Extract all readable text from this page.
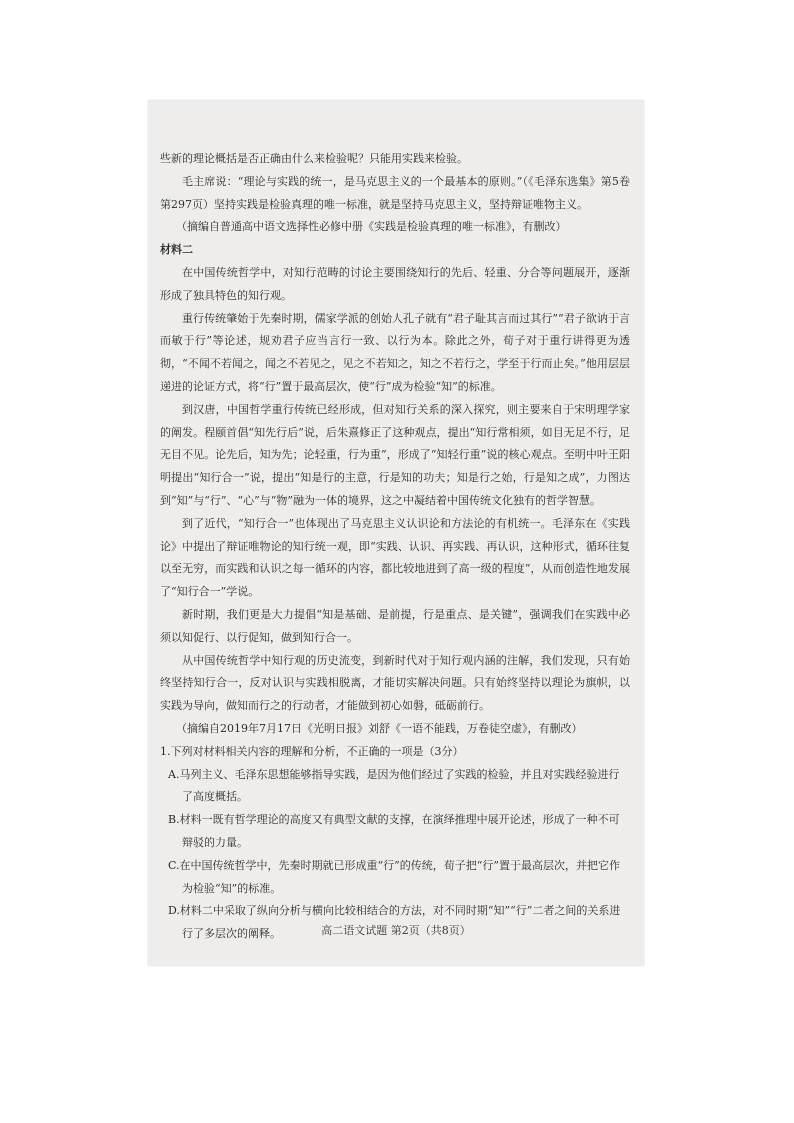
些新的理论概括是否正确由什么来检验呢？只能用实践来检验。

毛主席说：“理论与实践的统一，是马克思主义的一个最基本的原则。”（《毛泽东选集》第5卷第297页）坚持实践是检验真理的唯一标准，就是坚持马克思主义，坚持辩证唯物主义。

（摘编自普通高中语文选择性必修中册《实践是检验真理的唯一标准》，有删改）

材料二

在中国传统哲学中，对知行范畴的讨论主要围绕知行的先后、轻重、分合等问题展开，逐渐形成了独具特色的知行观。

重行传统肇始于先秦时期，儒家学派的创始人孔子就有“君子耻其言而过其行”“君子欲讷于言而敏于行”等论述，规劝君子应当言行一致、以行为本。除此之外，荀子对于重行讲得更为透彻，“不闻不若闻之，闻之不若见之，见之不若知之，知之不若行之，学至于行而止矣。”他用层层递进的论证方式，将“行”置于最高层次，使“行”成为检验“知”的标准。

到汉唐，中国哲学重行传统已经形成，但对知行关系的深入探究，则主要来自于宋明理学家的阐发。程颐首倡“知先行后”说，后朱熹修正了这种观点，提出“知行常相须，如目无足不行，足无目不见。论先后，知为先；论轻重，行为重”，形成了“知轻行重”说的核心观点。至明中叶王阳明提出“知行合一”说，提出“知是行的主意，行是知的功夫；知是行之始，行是知之成”，力图达到“知”与“行”、“心”与“物”融为一体的境界，这之中凝结着中国传统文化独有的哲学智慧。

到了近代，“知行合一”也体现出了马克思主义认识论和方法论的有机统一。毛泽东在《实践论》中提出了辩证唯物论的知行统一观，即“实践、认识、再实践、再认识，这种形式，循环往复以至无穷，而实践和认识之每一循环的内容，都比较地进到了高一级的程度”，从而创造性地发展了“知行合一”学说。

新时期，我们更是大力提倡“知是基础、是前提，行是重点、是关键”，强调我们在实践中必须以知促行、以行促知，做到知行合一。

从中国传统哲学中知行观的历史流变，到新时代对于知行观内涵的注解，我们发现，只有始终坚持知行合一，反对认识与实践相脱离，才能切实解决问题。只有始终坚持以理论为旗帜，以实践为导向，做知而行之的行动者，才能做到初心如磐，砥砺前行。

（摘编自2019年7月17日《光明日报》刘舒《一语不能践，万卷徒空虚》，有删改）

1.下列对材料相关内容的理解和分析，不正确的一项是（3分）

A.马列主义、毛泽东思想能够指导实践，是因为他们经过了实践的检验，并且对实践经验进行了高度概括。

B.材料一既有哲学理论的高度又有典型文献的支撑，在演绎推理中展开论述，形成了一种不可辩驳的力量。

C.在中国传统哲学中，先秦时期就已形成重“行”的传统，荀子把“行”置于最高层次，并把它作为检验“知”的标准。

D.材料二中采取了纵向分析与横向比较相结合的方法，对不同时期“知”“行”二者之间的关系进行了多层次的阐释。	高二语文试题 第2页（共8页）
